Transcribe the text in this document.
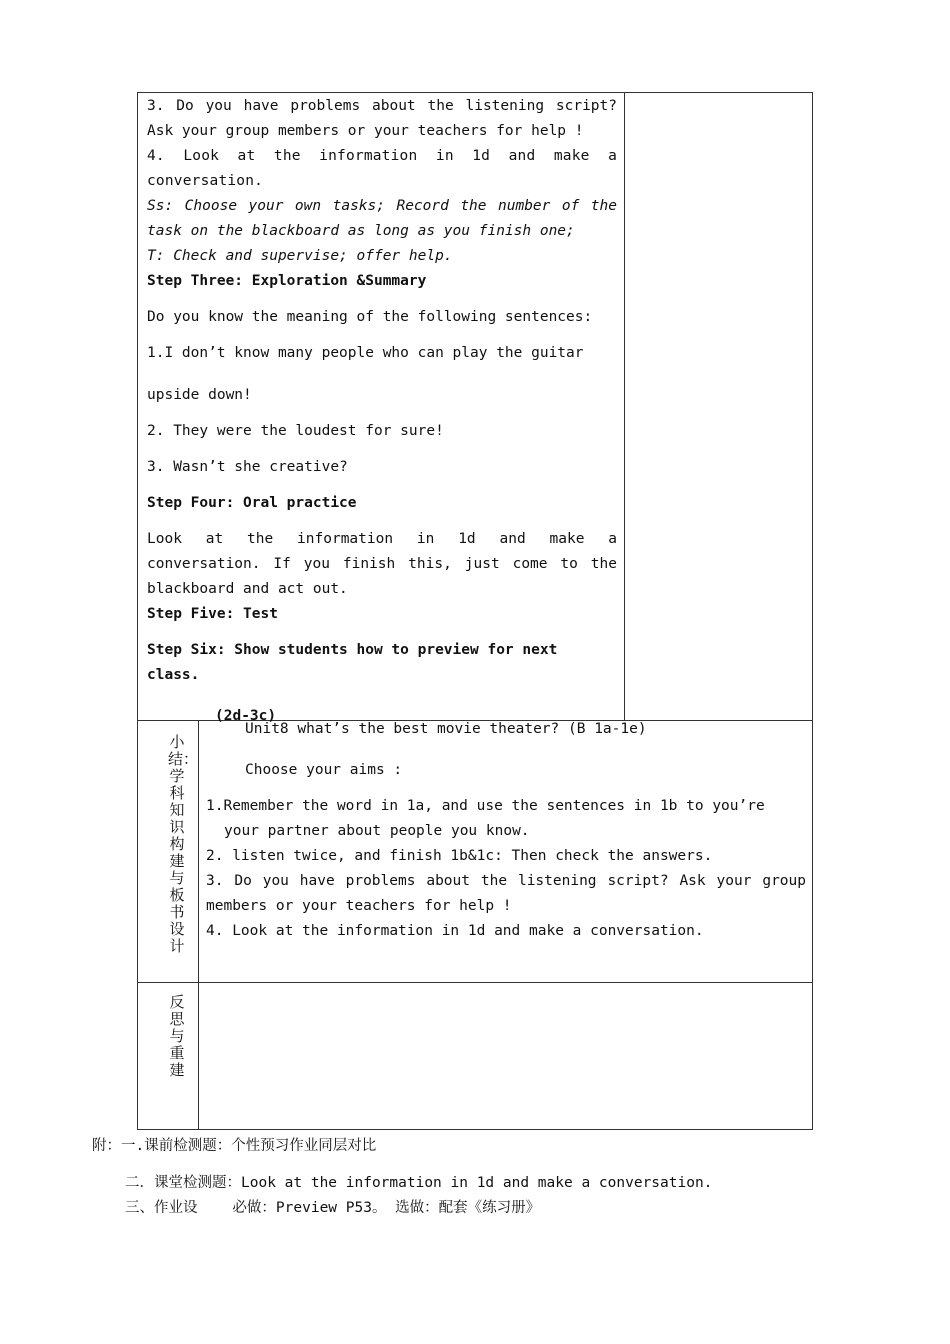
3. Do you have problems about the listening script? Ask your group members or your teachers for help !

4. Look at the information in 1d and make a conversation.

Ss: Choose your own tasks; Record the number of the task on the blackboard as long as you finish one;

T: Check and supervise; offer help.

Step Three: Exploration &Summary

Do you know the meaning of the following sentences:

1.I don’t know many people who can play the guitar

upside down!

2. They were the loudest for sure!

3. Wasn’t she creative?

Step Four: Oral practice

Look at the information in 1d and make a conversation. If you finish this, just come to the blackboard and act out.

Step Five: Test

Step Six: Show students how to preview for next class.

(2d-3c)

小结：学科知识构建与板书设计

Unit8 what’s the best movie theater? (B 1a-1e)

Choose your aims :

1.Remember the word in 1a, and use the sentences in 1b to you’re

your partner about people you know.

2. listen twice, and finish 1b&1c: Then check the answers.

3. Do you have problems about the listening script? Ask your group members or your teachers for help !

4. Look at the information in 1d and make a conversation.

反思与重建
附：一.课前检测题：个性预习作业同层对比
二．课堂检测题：Look at the information in 1d and make a conversation.
三、作业设    必做：Preview P53。 选做：配套《练习册》
